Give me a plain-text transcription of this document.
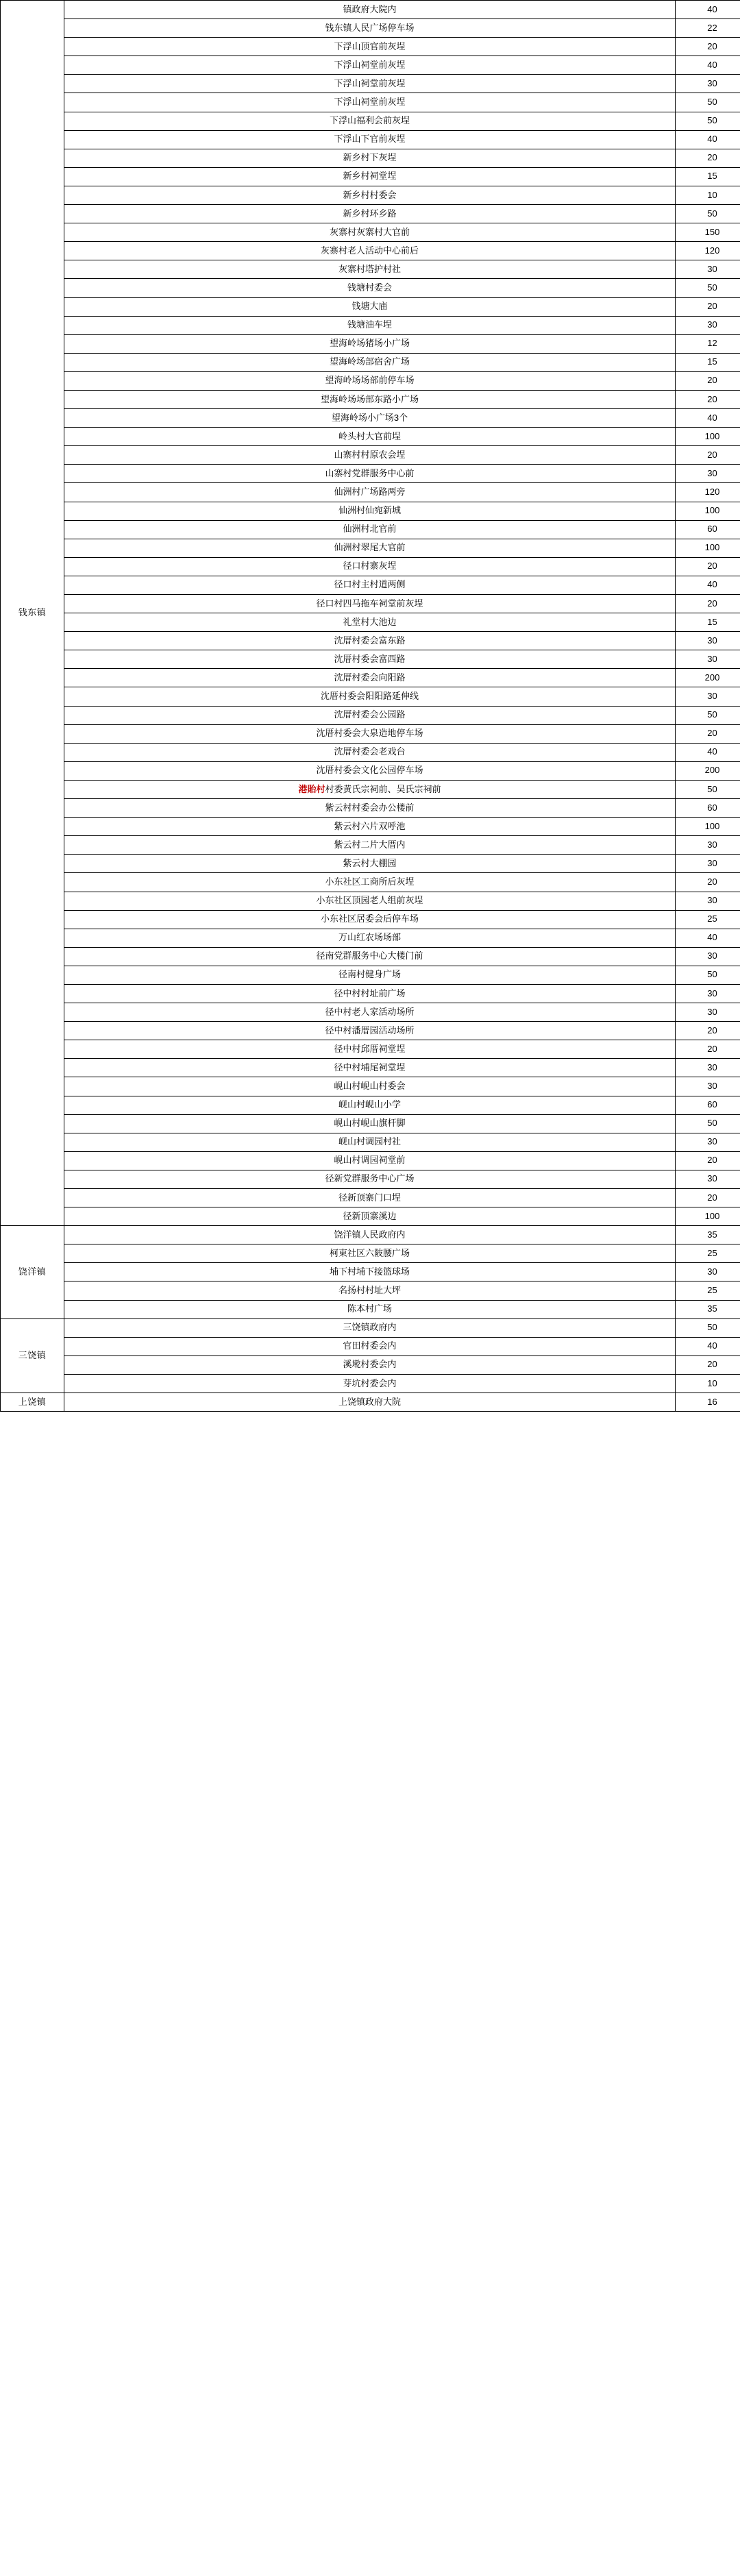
钱东镇	镇政府大院内	40
	钱东镇人民广场停车场	22
	下浮山顶官前灰埕	20
	下浮山祠堂前灰埕	40
	下浮山祠堂前灰埕	30
	下浮山祠堂前灰埕	50
	下浮山福利会前灰埕	50
	下浮山下官前灰埕	40
	新乡村下灰埕	20
	新乡村祠堂埕	15
	新乡村村委会	10
	新乡村环乡路	50
	灰寨村灰寨村大官前	150
	灰寨村老人活动中心前后	120
	灰寨村塔护村社	30
	钱塘村委会	50
	钱塘大庙	20
	钱塘油车埕	30
	望海岭场猪场小广场	12
	望海岭场部宿舍广场	15
	望海岭场场部前停车场	20
	望海岭场场部东路小广场	20
	望海岭场小广场3个	40
	岭头村大官前埕	100
	山寨村村原农会埕	20
	山寨村党群服务中心前	30
	仙洲村广场路两旁	120
	仙洲村仙宛新城	100
	仙洲村北官前	60
	仙洲村翠尾大官前	100
	径口村寨灰埕	20
	径口村主村道两侧	40
	径口村四马拖车祠堂前灰埕	20
	礼堂村大池边	15
	沈厝村委会富东路	30
	沈厝村委会富西路	30
	沈厝村委会向阳路	200
	沈厝村委会阳阳路延伸线	30
	沈厝村委会公园路	50
	沈厝村委会大泉造地停车场	20
	沈厝村委会老戏台	40
	沈厝村委会文化公园停车场	200
	港貽村村委黄氏宗祠前、吴氏宗祠前	50
	紫云村村委会办公楼前	60
	紫云村六片双呼池	100
	紫云村二片大厝内	30
	紫云村大棚园	30
	小东社区工商所后灰埕	20
	小东社区顶园老人组前灰埕	30
	小东社区居委会后停车场	25
	万山红农场场部	40
	径南党群服务中心大楼门前	30
	径南村健身广场	50
	径中村村址前广场	30
	径中村老人家活动场所	30
	径中村潘厝园活动场所	20
	径中村邱厝祠堂埕	20
	径中村埔尾祠堂埕	30
	岘山村岘山村委会	30
	岘山村岘山小学	60
	岘山村岘山旗杆脚	50
	岘山村调园村社	30
	岘山村调园祠堂前	20
	径新党群服务中心广场	30
	径新顶寨门口埕	20
	径新顶寨溪边	100
饶洋镇	饶洋镇人民政府内	35
	柯東社区六陂腰广场	25
	埔下村埔下接篮球场	30
	名扬村村址大坪	25
	陈本村广场	35
三饶镇	三饶镇政府内	50
	官田村委会内	40
	溪墘村委会内	20
	芽坑村委会内	10
上饶镇	上饶镇政府大院	16
